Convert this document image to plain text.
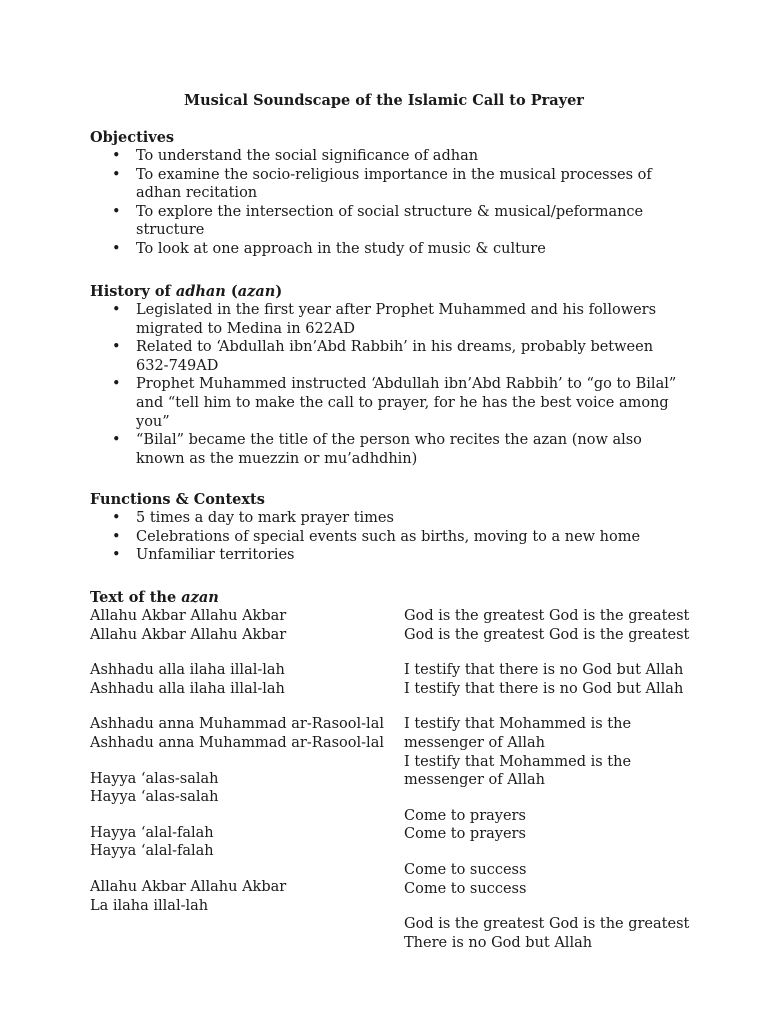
Musical Soundscape of the Islamic Call to Prayer

Objectives

• To understand the social significance of adhan
• To examine the socio-religious importance in the musical processes of adhan recitation
• To explore the intersection of social structure & musical/peformance structure
• To look at one approach in the study of music & culture

History of adhan (azan)

• Legislated in the first year after Prophet Muhammed and his followers migrated to Medina in 622AD
• Related to ‘Abdullah ibn’Abd Rabbih’ in his dreams, probably between 632-749AD
• Prophet Muhammed instructed ‘Abdullah ibn’Abd Rabbih’ to “go to Bilal” and “tell him to make the call to prayer, for he has the best voice among you”
• “Bilal” became the title of the person who recites the azan (now also known as the muezzin or mu’adhdhin)

Functions & Contexts

• 5 times a day to mark prayer times
• Celebrations of special events such as births, moving to a new home
• Unfamiliar territories

Text of the azan

Allahu Akbar Allahu Akbar
Allahu Akbar Allahu Akbar
Ashhadu alla ilaha illal-lah
Ashhadu alla ilaha illal-lah
Ashhadu anna Muhammad ar-Rasool-lal
Ashhadu anna Muhammad ar-Rasool-lal
Hayya ‘alas-salah
Hayya ‘alas-salah
Hayya ‘alal-falah
Hayya ‘alal-falah
Allahu Akbar Allahu Akbar
La ilaha illal-lah
God is the greatest God is the greatest
God is the greatest God is the greatest
I testify that there is no God but Allah
I testify that there is no God but Allah
I testify that Mohammed is the
messenger of Allah
I testify that Mohammed is the
messenger of Allah
Come to prayers
Come to prayers
Come to success
Come to success
God is the greatest God is the greatest
There is no God but Allah
